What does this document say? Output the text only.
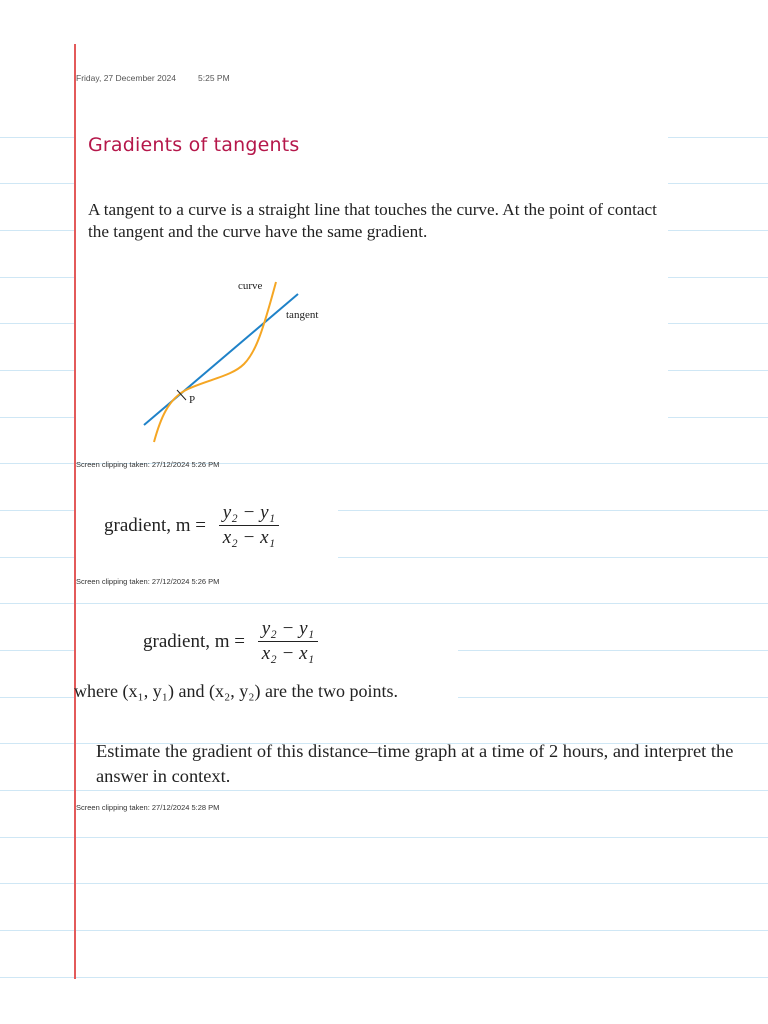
Friday, 27 December 2024	5:25 PM
Gradients of tangents
A tangent to a curve is a straight line that touches the curve. At the point of contact the tangent and the curve have the same gradient.
curve
tangent
P
Screen clipping taken: 27/12/2024 5:26 PM
gradient, $m = \frac{\text{y₂ − y₁}}{\text{x₂ − x₁}}$
Screen clipping taken: 27/12/2024 5:26 PM
gradient, $m = \frac{\text{y₂ − y₁}}{\text{x₂ − x₁}}$
where (x₁, y₁) and (x₂, y₂) are the two points.
Estimate the gradient of this distance–time graph at a time of 2 hours, and interpret the answer in context.
Screen clipping taken: 27/12/2024 5:28 PM
